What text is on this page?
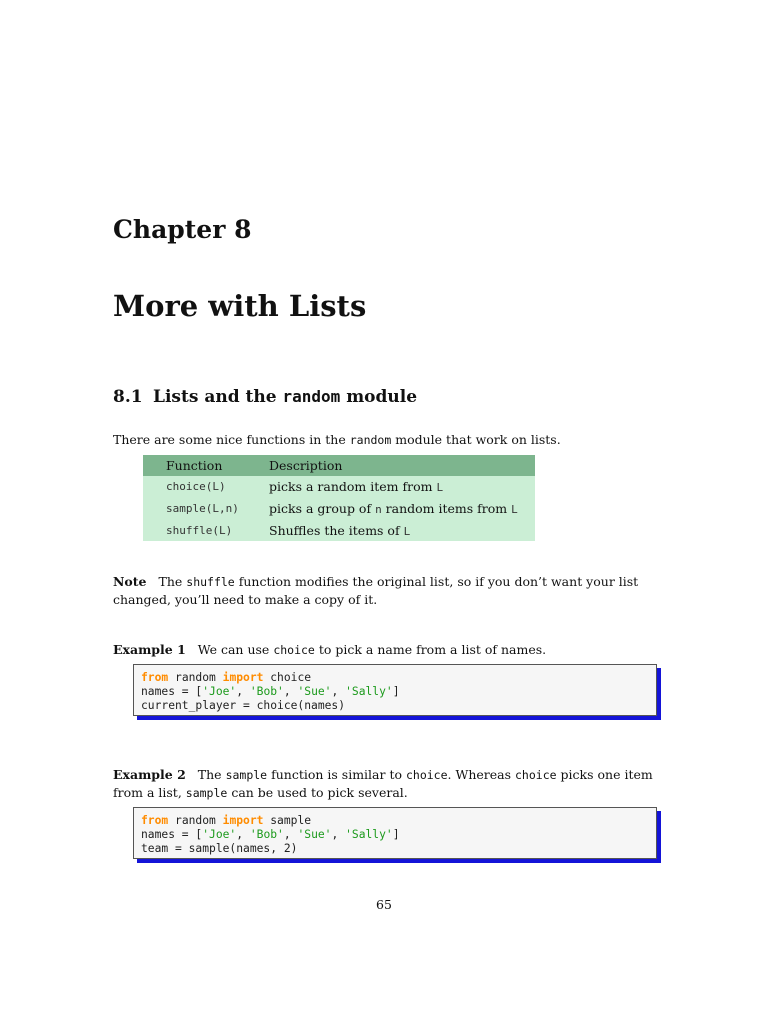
Chapter 8
More with Lists
8.1 Lists and the random module

There are some nice functions in the random module that work on lists.

Function	Description
choice(L)	picks a random item from L
sample(L,n)	picks a group of n random items from L
shuffle(L)	Shuffles the items of L

Note The shuffle function modifies the original list, so if you don’t want your list changed, you’ll need to make a copy of it.

Example 1 We can use choice to pick a name from a list of names.

from random import choice
names = ['Joe', 'Bob', 'Sue', 'Sally']
current_player = choice(names)

Example 2 The sample function is similar to choice. Whereas choice picks one item from a list, sample can be used to pick several.

from random import sample
names = ['Joe', 'Bob', 'Sue', 'Sally']
team = sample(names, 2)

65
